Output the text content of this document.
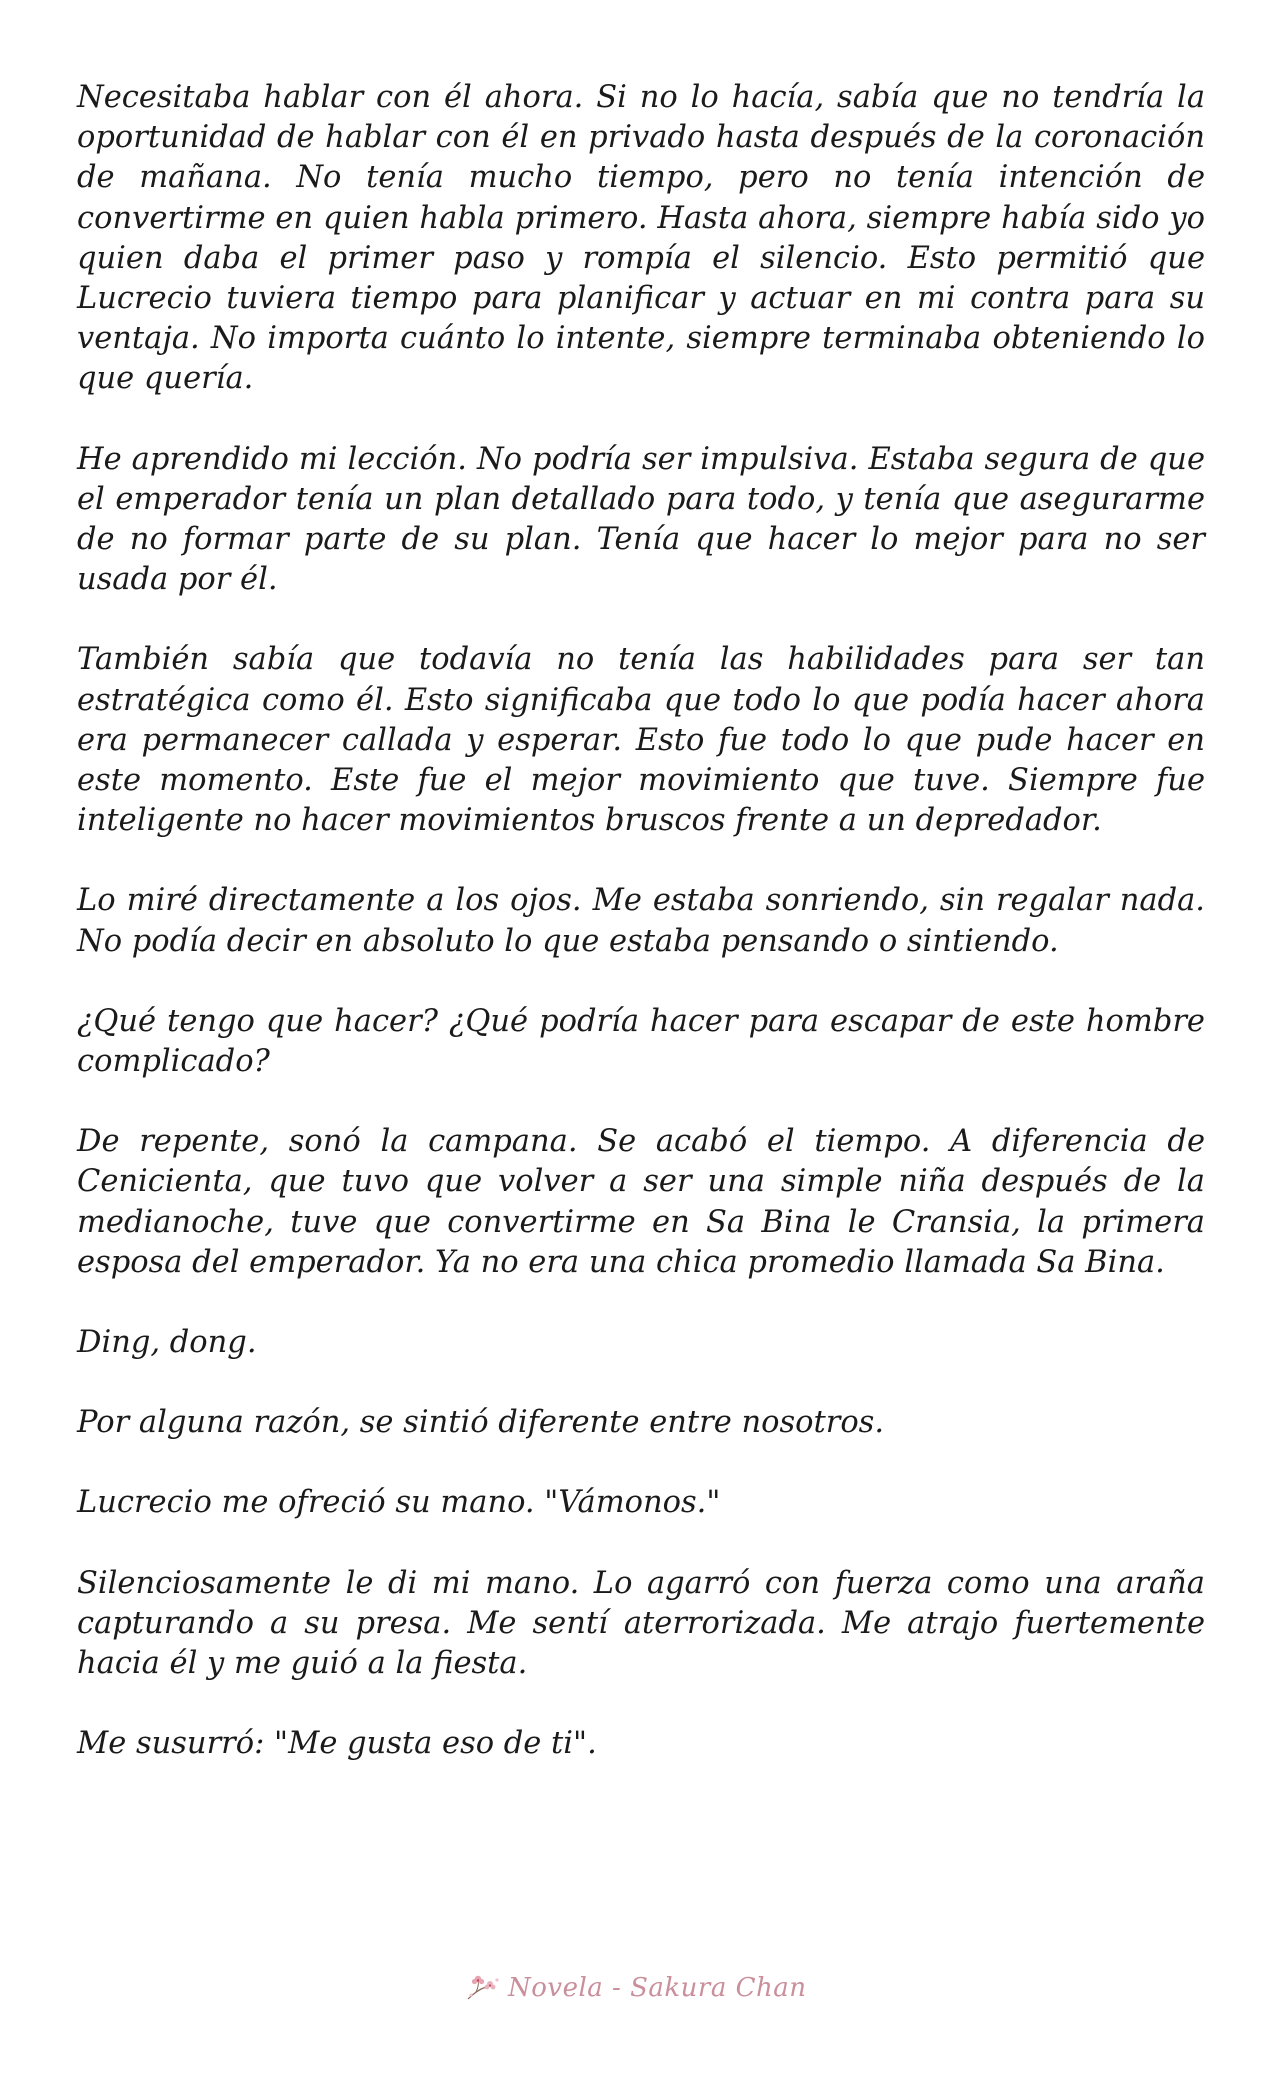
Necesitaba hablar con él ahora. Si no lo hacía, sabía que no tendría la oportunidad de hablar con él en privado hasta después de la coronación de mañana. No tenía mucho tiempo, pero no tenía intención de convertirme en quien habla primero. Hasta ahora, siempre había sido yo quien daba el primer paso y rompía el silencio. Esto permitió que Lucrecio tuviera tiempo para planificar y actuar en mi contra para su ventaja. No importa cuánto lo intente, siempre terminaba obteniendo lo que quería.

He aprendido mi lección. No podría ser impulsiva. Estaba segura de que el emperador tenía un plan detallado para todo, y tenía que asegurarme de no formar parte de su plan. Tenía que hacer lo mejor para no ser usada por él.

También sabía que todavía no tenía las habilidades para ser tan estratégica como él. Esto significaba que todo lo que podía hacer ahora era permanecer callada y esperar. Esto fue todo lo que pude hacer en este momento. Este fue el mejor movimiento que tuve. Siempre fue inteligente no hacer movimientos bruscos frente a un depredador.

Lo miré directamente a los ojos. Me estaba sonriendo, sin regalar nada. No podía decir en absoluto lo que estaba pensando o sintiendo.

¿Qué tengo que hacer? ¿Qué podría hacer para escapar de este hombre complicado?

De repente, sonó la campana. Se acabó el tiempo. A diferencia de Cenicienta, que tuvo que volver a ser una simple niña después de la medianoche, tuve que convertirme en Sa Bina le Cransia, la primera esposa del emperador. Ya no era una chica promedio llamada Sa Bina.

Ding, dong.

Por alguna razón, se sintió diferente entre nosotros.

Lucrecio me ofreció su mano. "Vámonos."

Silenciosamente le di mi mano. Lo agarró con fuerza como una araña capturando a su presa. Me sentí aterrorizada. Me atrajo fuertemente hacia él y me guió a la fiesta.

Me susurró: "Me gusta eso de ti".

Novela - Sakura Chan
